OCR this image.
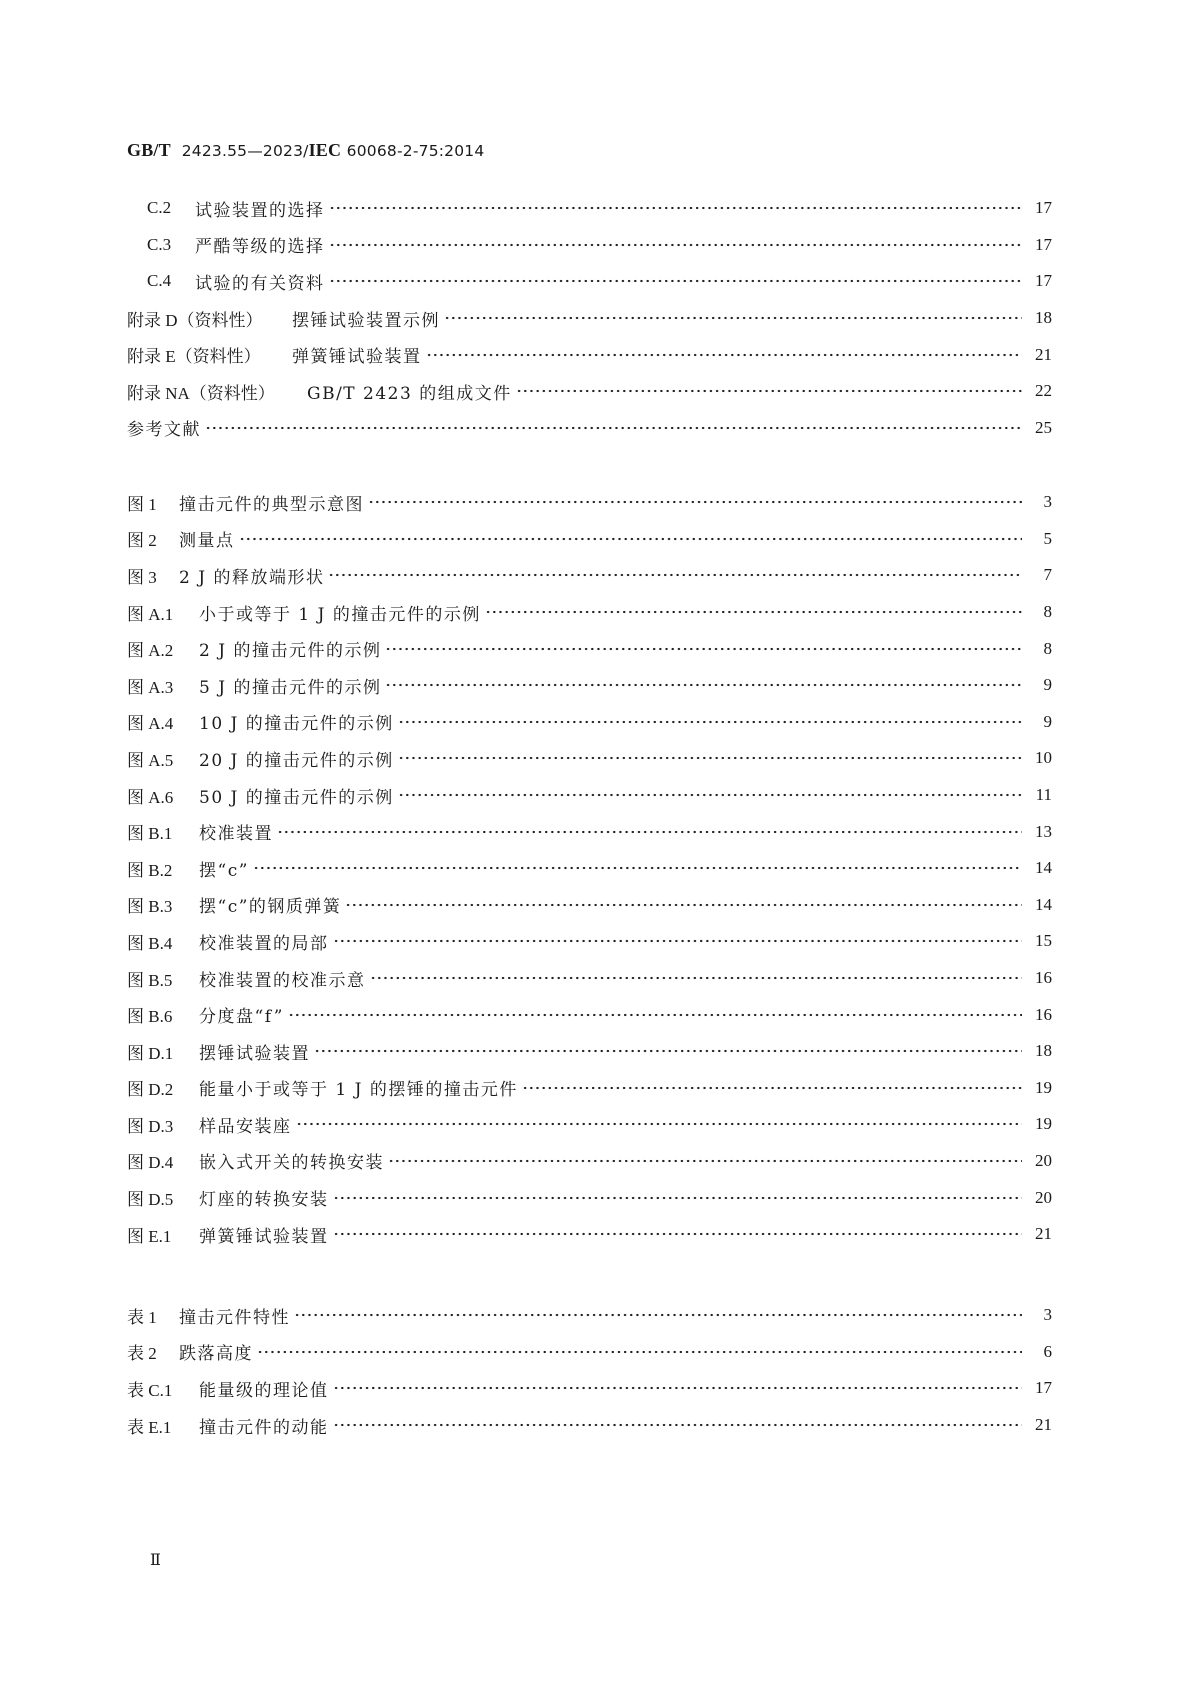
GB/T 2423.55—2023/IEC 60068-2-75:2014
C.2	试验装置的选择	17
C.3	严酷等级的选择	17
C.4	试验的有关资料	17
附录 D（资料性）	摆锤试验装置示例	18
附录 E（资料性）	弹簧锤试验装置	21
附录 NA（资料性）	GB/T 2423 的组成文件	22
参考文献	25
图 1	撞击元件的典型示意图	3
图 2	测量点	5
图 3	2 J 的释放端形状	7
图 A.1	小于或等于 1 J 的撞击元件的示例	8
图 A.2	2 J 的撞击元件的示例	8
图 A.3	5 J 的撞击元件的示例	9
图 A.4	10 J 的撞击元件的示例	9
图 A.5	20 J 的撞击元件的示例	10
图 A.6	50 J 的撞击元件的示例	11
图 B.1	校准装置	13
图 B.2	摆“c”	14
图 B.3	摆“c”的钢质弹簧	14
图 B.4	校准装置的局部	15
图 B.5	校准装置的校准示意	16
图 B.6	分度盘“f”	16
图 D.1	摆锤试验装置	18
图 D.2	能量小于或等于 1 J 的摆锤的撞击元件	19
图 D.3	样品安装座	19
图 D.4	嵌入式开关的转换安装	20
图 D.5	灯座的转换安装	20
图 E.1	弹簧锤试验装置	21
表 1	撞击元件特性	3
表 2	跌落高度	6
表 C.1	能量级的理论值	17
表 E.1	撞击元件的动能	21
Ⅱ
